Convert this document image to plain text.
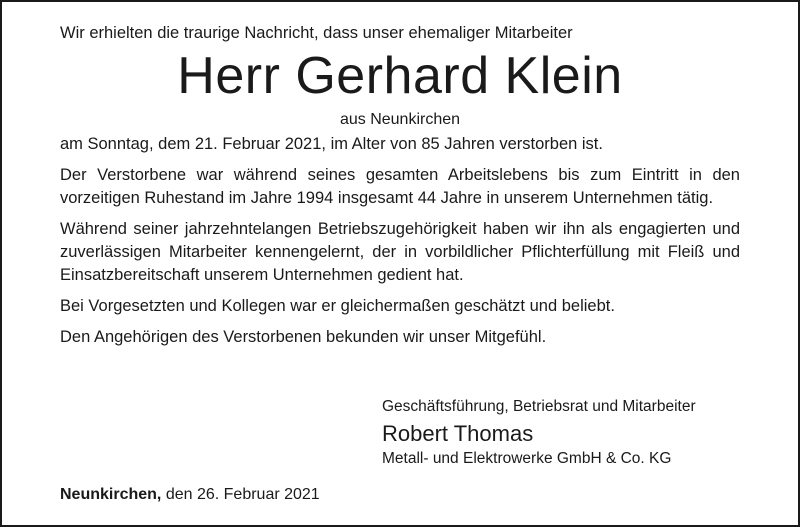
Wir erhielten die traurige Nachricht, dass unser ehemaliger Mitarbeiter

Herr Gerhard Klein

aus Neunkirchen

am Sonntag, dem 21. Februar 2021, im Alter von 85 Jahren verstorben ist.

Der Verstorbene war während seines gesamten Arbeitslebens bis zum Eintritt in den vorzeitigen Ruhestand im Jahre 1994 insgesamt 44 Jahre in unserem Unternehmen tätig.

Während seiner jahrzehntelangen Betriebszugehörigkeit haben wir ihn als engagierten und zuverlässigen Mitarbeiter kennengelernt, der in vorbildlicher Pflichterfüllung mit Fleiß und Einsatzbereitschaft unserem Unternehmen gedient hat.

Bei Vorgesetzten und Kollegen war er gleichermaßen geschätzt und beliebt.

Den Angehörigen des Verstorbenen bekunden wir unser Mitgefühl.

Geschäftsführung, Betriebsrat und Mitarbeiter

Robert Thomas

Metall- und Elektrowerke GmbH & Co. KG

Neunkirchen, den 26. Februar 2021
